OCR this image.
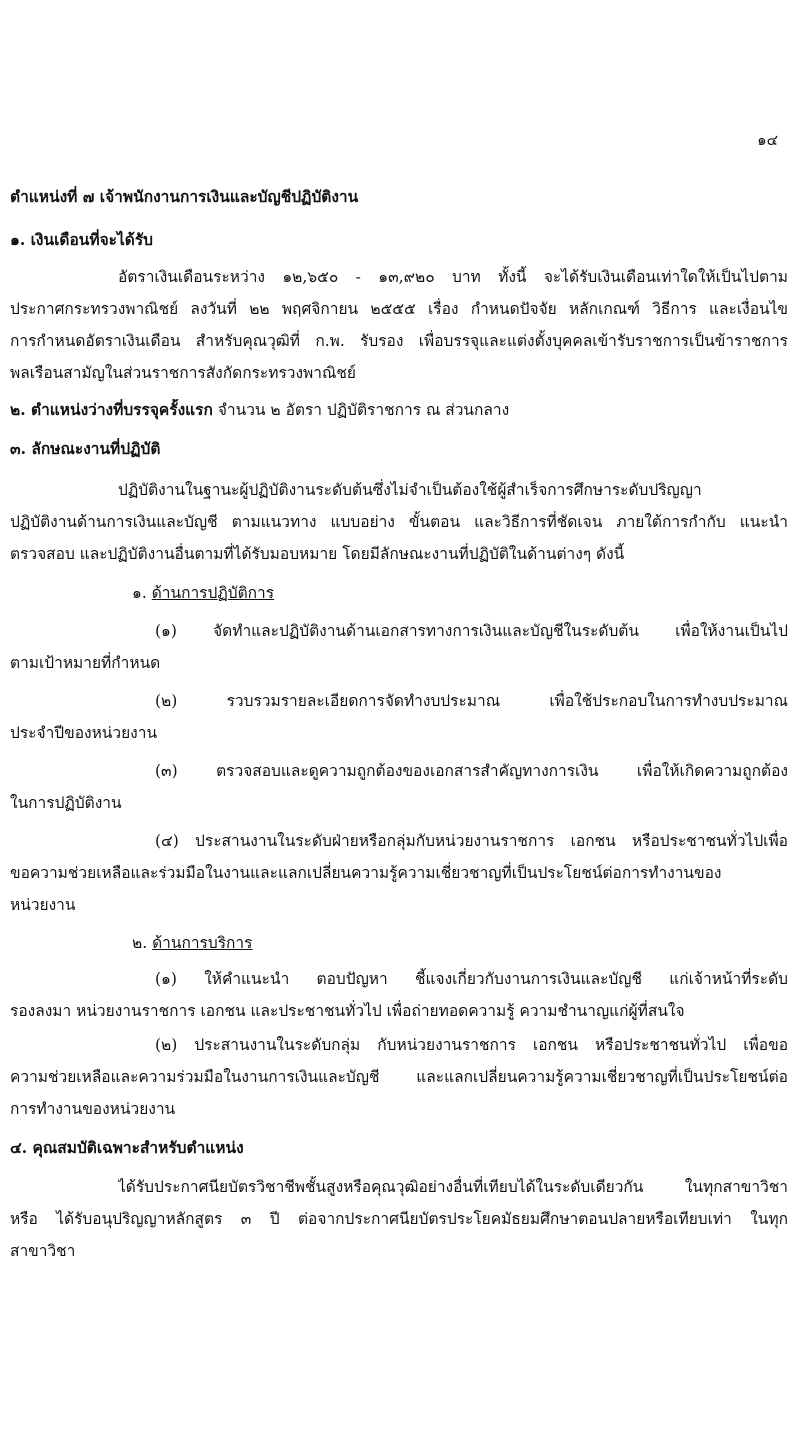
๑๔
ตำแหน่งที่ ๗ เจ้าพนักงานการเงินและบัญชีปฏิบัติงาน
๑. เงินเดือนที่จะได้รับ
อัตราเงินเดือนระหว่าง ๑๒,๖๕๐ - ๑๓,๙๒๐ บาท ทั้งนี้ จะได้รับเงินเดือนเท่าใดให้เป็นไปตาม
ประกาศกระทรวงพาณิชย์ ลงวันที่ ๒๒ พฤศจิกายน ๒๕๕๕ เรื่อง กำหนดปัจจัย หลักเกณฑ์ วิธีการ และเงื่อนไข
การกำหนดอัตราเงินเดือน สำหรับคุณวุฒิที่ ก.พ. รับรอง เพื่อบรรจุและแต่งตั้งบุคคลเข้ารับราชการเป็นข้าราชการ
พลเรือนสามัญในส่วนราชการสังกัดกระทรวงพาณิชย์
๒. ตำแหน่งว่างที่บรรจุครั้งแรก จำนวน ๒ อัตรา ปฏิบัติราชการ ณ ส่วนกลาง
๓. ลักษณะงานที่ปฏิบัติ
ปฏิบัติงานในฐานะผู้ปฏิบัติงานระดับต้นซึ่งไม่จำเป็นต้องใช้ผู้สำเร็จการศึกษาระดับปริญญา
ปฏิบัติงานด้านการเงินและบัญชี ตามแนวทาง แบบอย่าง ขั้นตอน และวิธีการที่ชัดเจน ภายใต้การกำกับ แนะนำ
ตรวจสอบ และปฏิบัติงานอื่นตามที่ได้รับมอบหมาย โดยมีลักษณะงานที่ปฏิบัติในด้านต่างๆ ดังนี้
๑. ด้านการปฏิบัติการ
(๑) จัดทำและปฏิบัติงานด้านเอกสารทางการเงินและบัญชีในระดับต้น เพื่อให้งานเป็นไป
ตามเป้าหมายที่กำหนด
(๒) รวบรวมรายละเอียดการจัดทำงบประมาณ เพื่อใช้ประกอบในการทำงบประมาณ
ประจำปีของหน่วยงาน
(๓) ตรวจสอบและดูความถูกต้องของเอกสารสำคัญทางการเงิน เพื่อให้เกิดความถูกต้อง
ในการปฏิบัติงาน
(๔) ประสานงานในระดับฝ่ายหรือกลุ่มกับหน่วยงานราชการ เอกชน หรือประชาชนทั่วไปเพื่อ
ขอความช่วยเหลือและร่วมมือในงานและแลกเปลี่ยนความรู้ความเชี่ยวชาญที่เป็นประโยชน์ต่อการทำงานของ
หน่วยงาน
๒. ด้านการบริการ
(๑) ให้คำแนะนำ ตอบปัญหา ชี้แจงเกี่ยวกับงานการเงินและบัญชี แก่เจ้าหน้าที่ระดับ
รองลงมา หน่วยงานราชการ เอกชน และประชาชนทั่วไป เพื่อถ่ายทอดความรู้ ความชำนาญแก่ผู้ที่สนใจ
(๒) ประสานงานในระดับกลุ่ม กับหน่วยงานราชการ เอกชน หรือประชาชนทั่วไป เพื่อขอ
ความช่วยเหลือและความร่วมมือในงานการเงินและบัญชี และแลกเปลี่ยนความรู้ความเชี่ยวชาญที่เป็นประโยชน์ต่อ
การทำงานของหน่วยงาน
๔. คุณสมบัติเฉพาะสำหรับตำแหน่ง
ได้รับประกาศนียบัตรวิชาชีพชั้นสูงหรือคุณวุฒิอย่างอื่นที่เทียบได้ในระดับเดียวกัน ในทุกสาขาวิชา
หรือ ได้รับอนุปริญญาหลักสูตร ๓ ปี ต่อจากประกาศนียบัตรประโยคมัธยมศึกษาตอนปลายหรือเทียบเท่า ในทุก
สาขาวิชา
